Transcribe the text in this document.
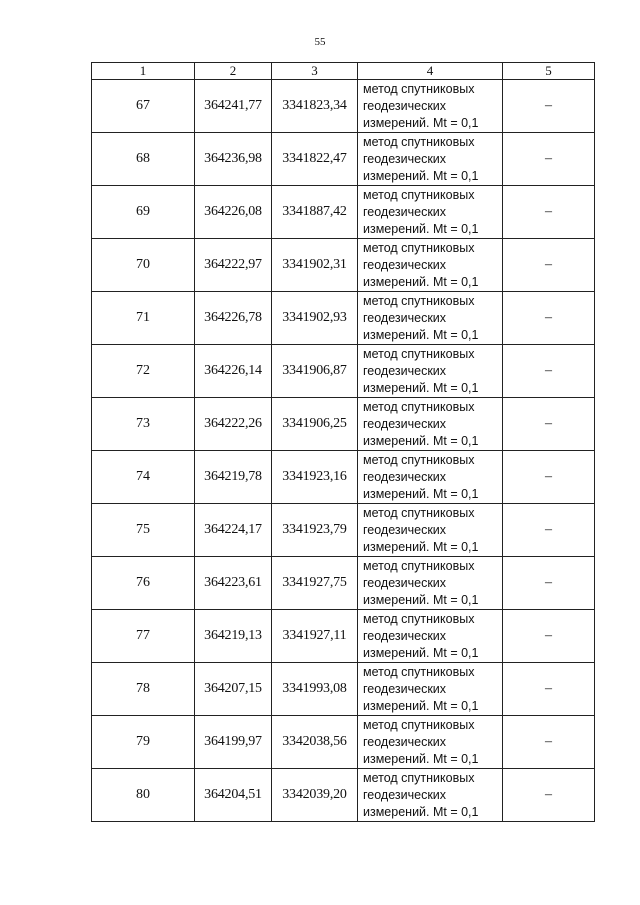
55
1	2	3	4	5
67	364241,77	3341823,34	метод спутниковых
геодезических
измерений. Mt = 0,1	–
68	364236,98	3341822,47	метод спутниковых
геодезических
измерений. Mt = 0,1	–
69	364226,08	3341887,42	метод спутниковых
геодезических
измерений. Mt = 0,1	–
70	364222,97	3341902,31	метод спутниковых
геодезических
измерений. Mt = 0,1	–
71	364226,78	3341902,93	метод спутниковых
геодезических
измерений. Mt = 0,1	–
72	364226,14	3341906,87	метод спутниковых
геодезических
измерений. Mt = 0,1	–
73	364222,26	3341906,25	метод спутниковых
геодезических
измерений. Mt = 0,1	–
74	364219,78	3341923,16	метод спутниковых
геодезических
измерений. Mt = 0,1	–
75	364224,17	3341923,79	метод спутниковых
геодезических
измерений. Mt = 0,1	–
76	364223,61	3341927,75	метод спутниковых
геодезических
измерений. Mt = 0,1	–
77	364219,13	3341927,11	метод спутниковых
геодезических
измерений. Mt = 0,1	–
78	364207,15	3341993,08	метод спутниковых
геодезических
измерений. Mt = 0,1	–
79	364199,97	3342038,56	метод спутниковых
геодезических
измерений. Mt = 0,1	–
80	364204,51	3342039,20	метод спутниковых
геодезических
измерений. Mt = 0,1	–
